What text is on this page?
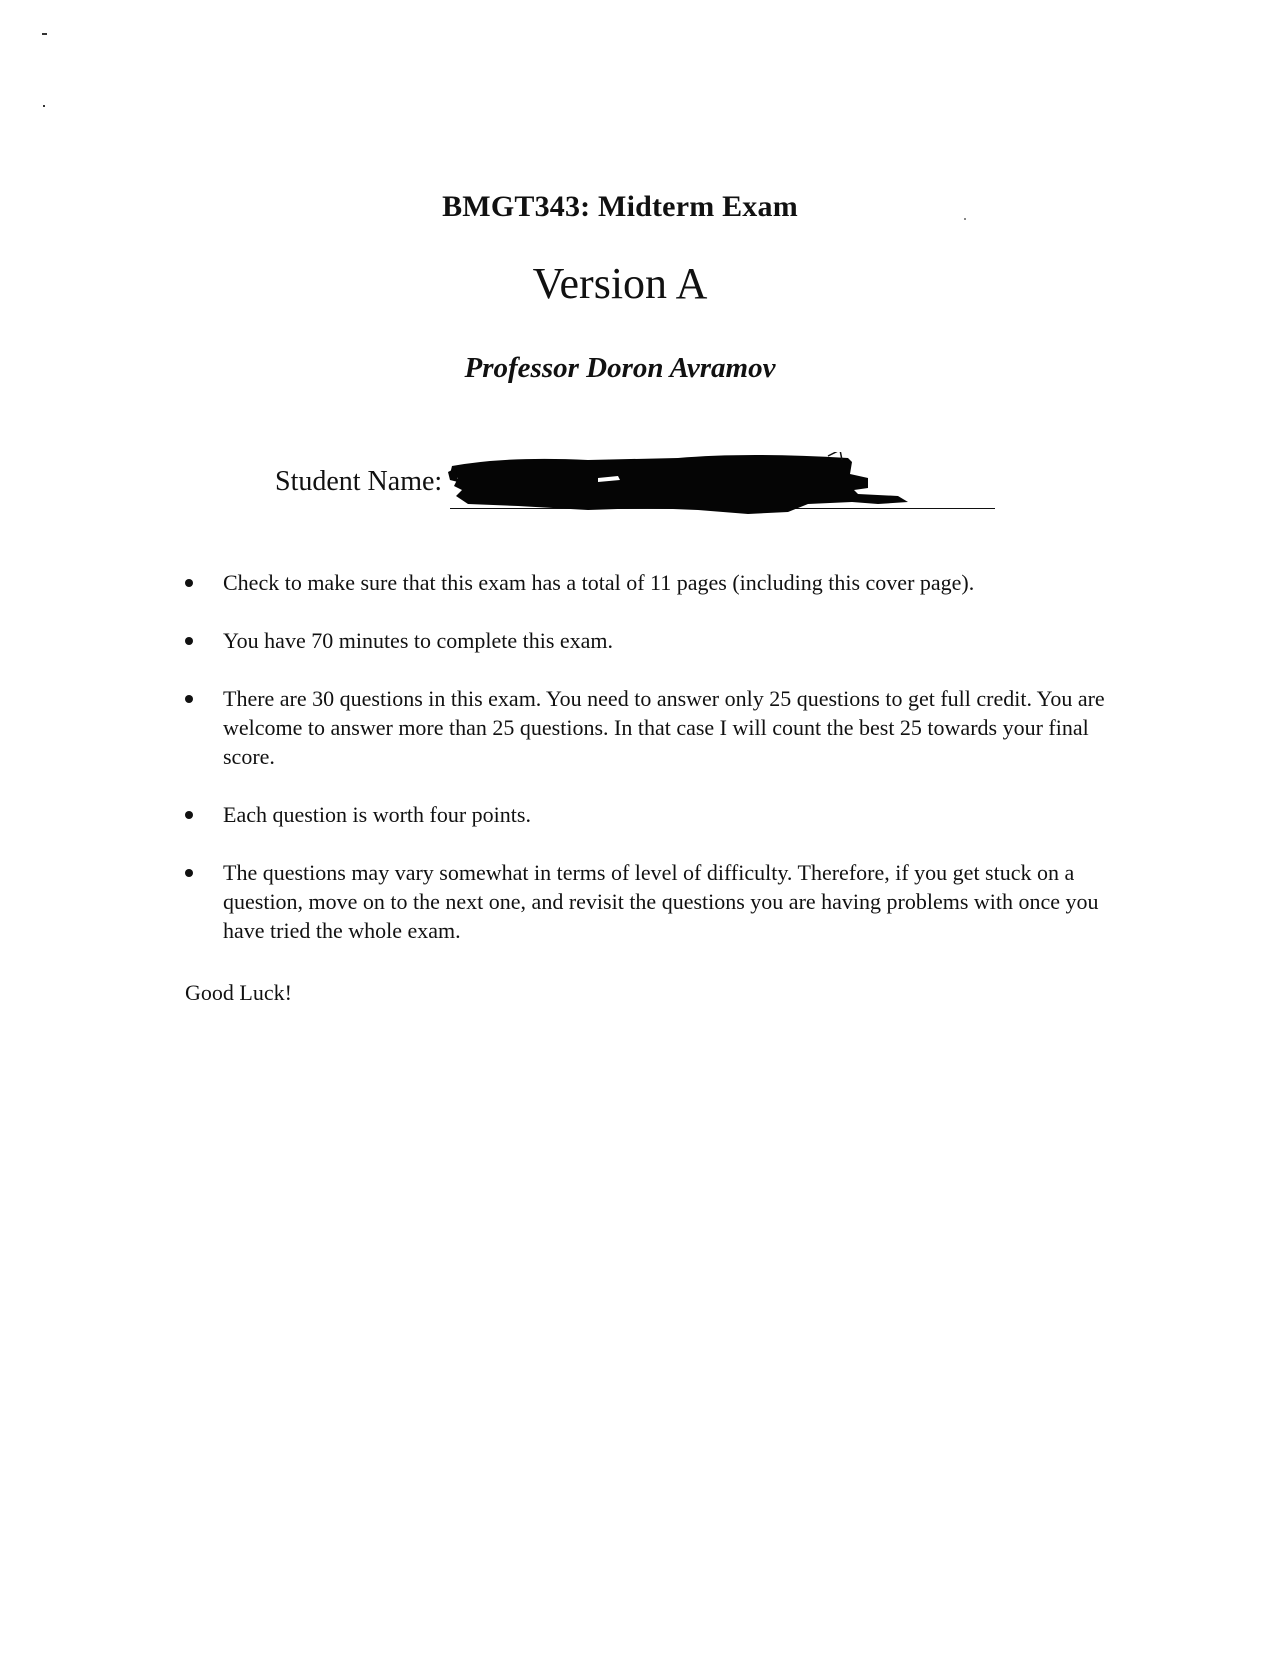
BMGT343: Midterm Exam
Version A
Professor Doron Avramov
Student Name:
Check to make sure that this exam has a total of 11 pages (including this cover page).
You have 70 minutes to complete this exam.
There are 30 questions in this exam. You need to answer only 25 questions to get full credit. You are welcome to answer more than 25 questions. In that case I will count the best 25 towards your final score.
Each question is worth four points.
The questions may vary somewhat in terms of level of difficulty. Therefore, if you get stuck on a question, move on to the next one, and revisit the questions you are having problems with once you have tried the whole exam.
Good Luck!
